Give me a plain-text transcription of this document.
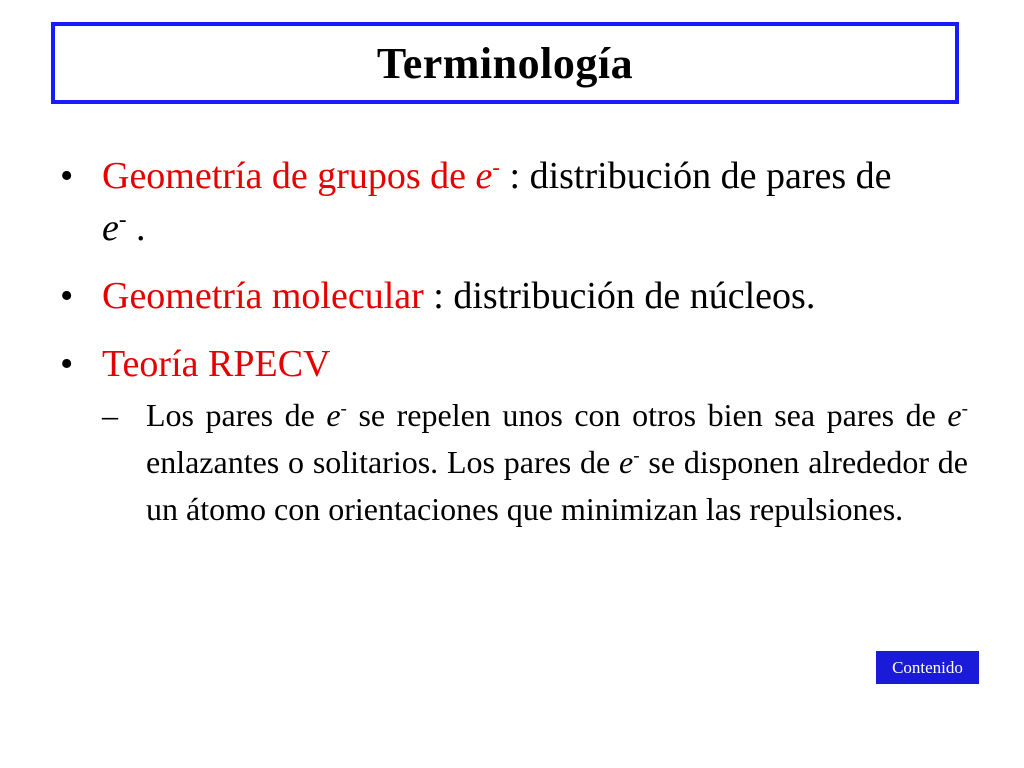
Terminología
• Geometría de grupos de e- : distribución de pares de e- .
• Geometría molecular : distribución de núcleos.
• Teoría RPECV
– Los pares de e- se repelen unos con otros bien sea pares de e- enlazantes o solitarios. Los pares de e- se disponen alrededor de un átomo con orientaciones que minimizan las repulsiones.
Contenido
